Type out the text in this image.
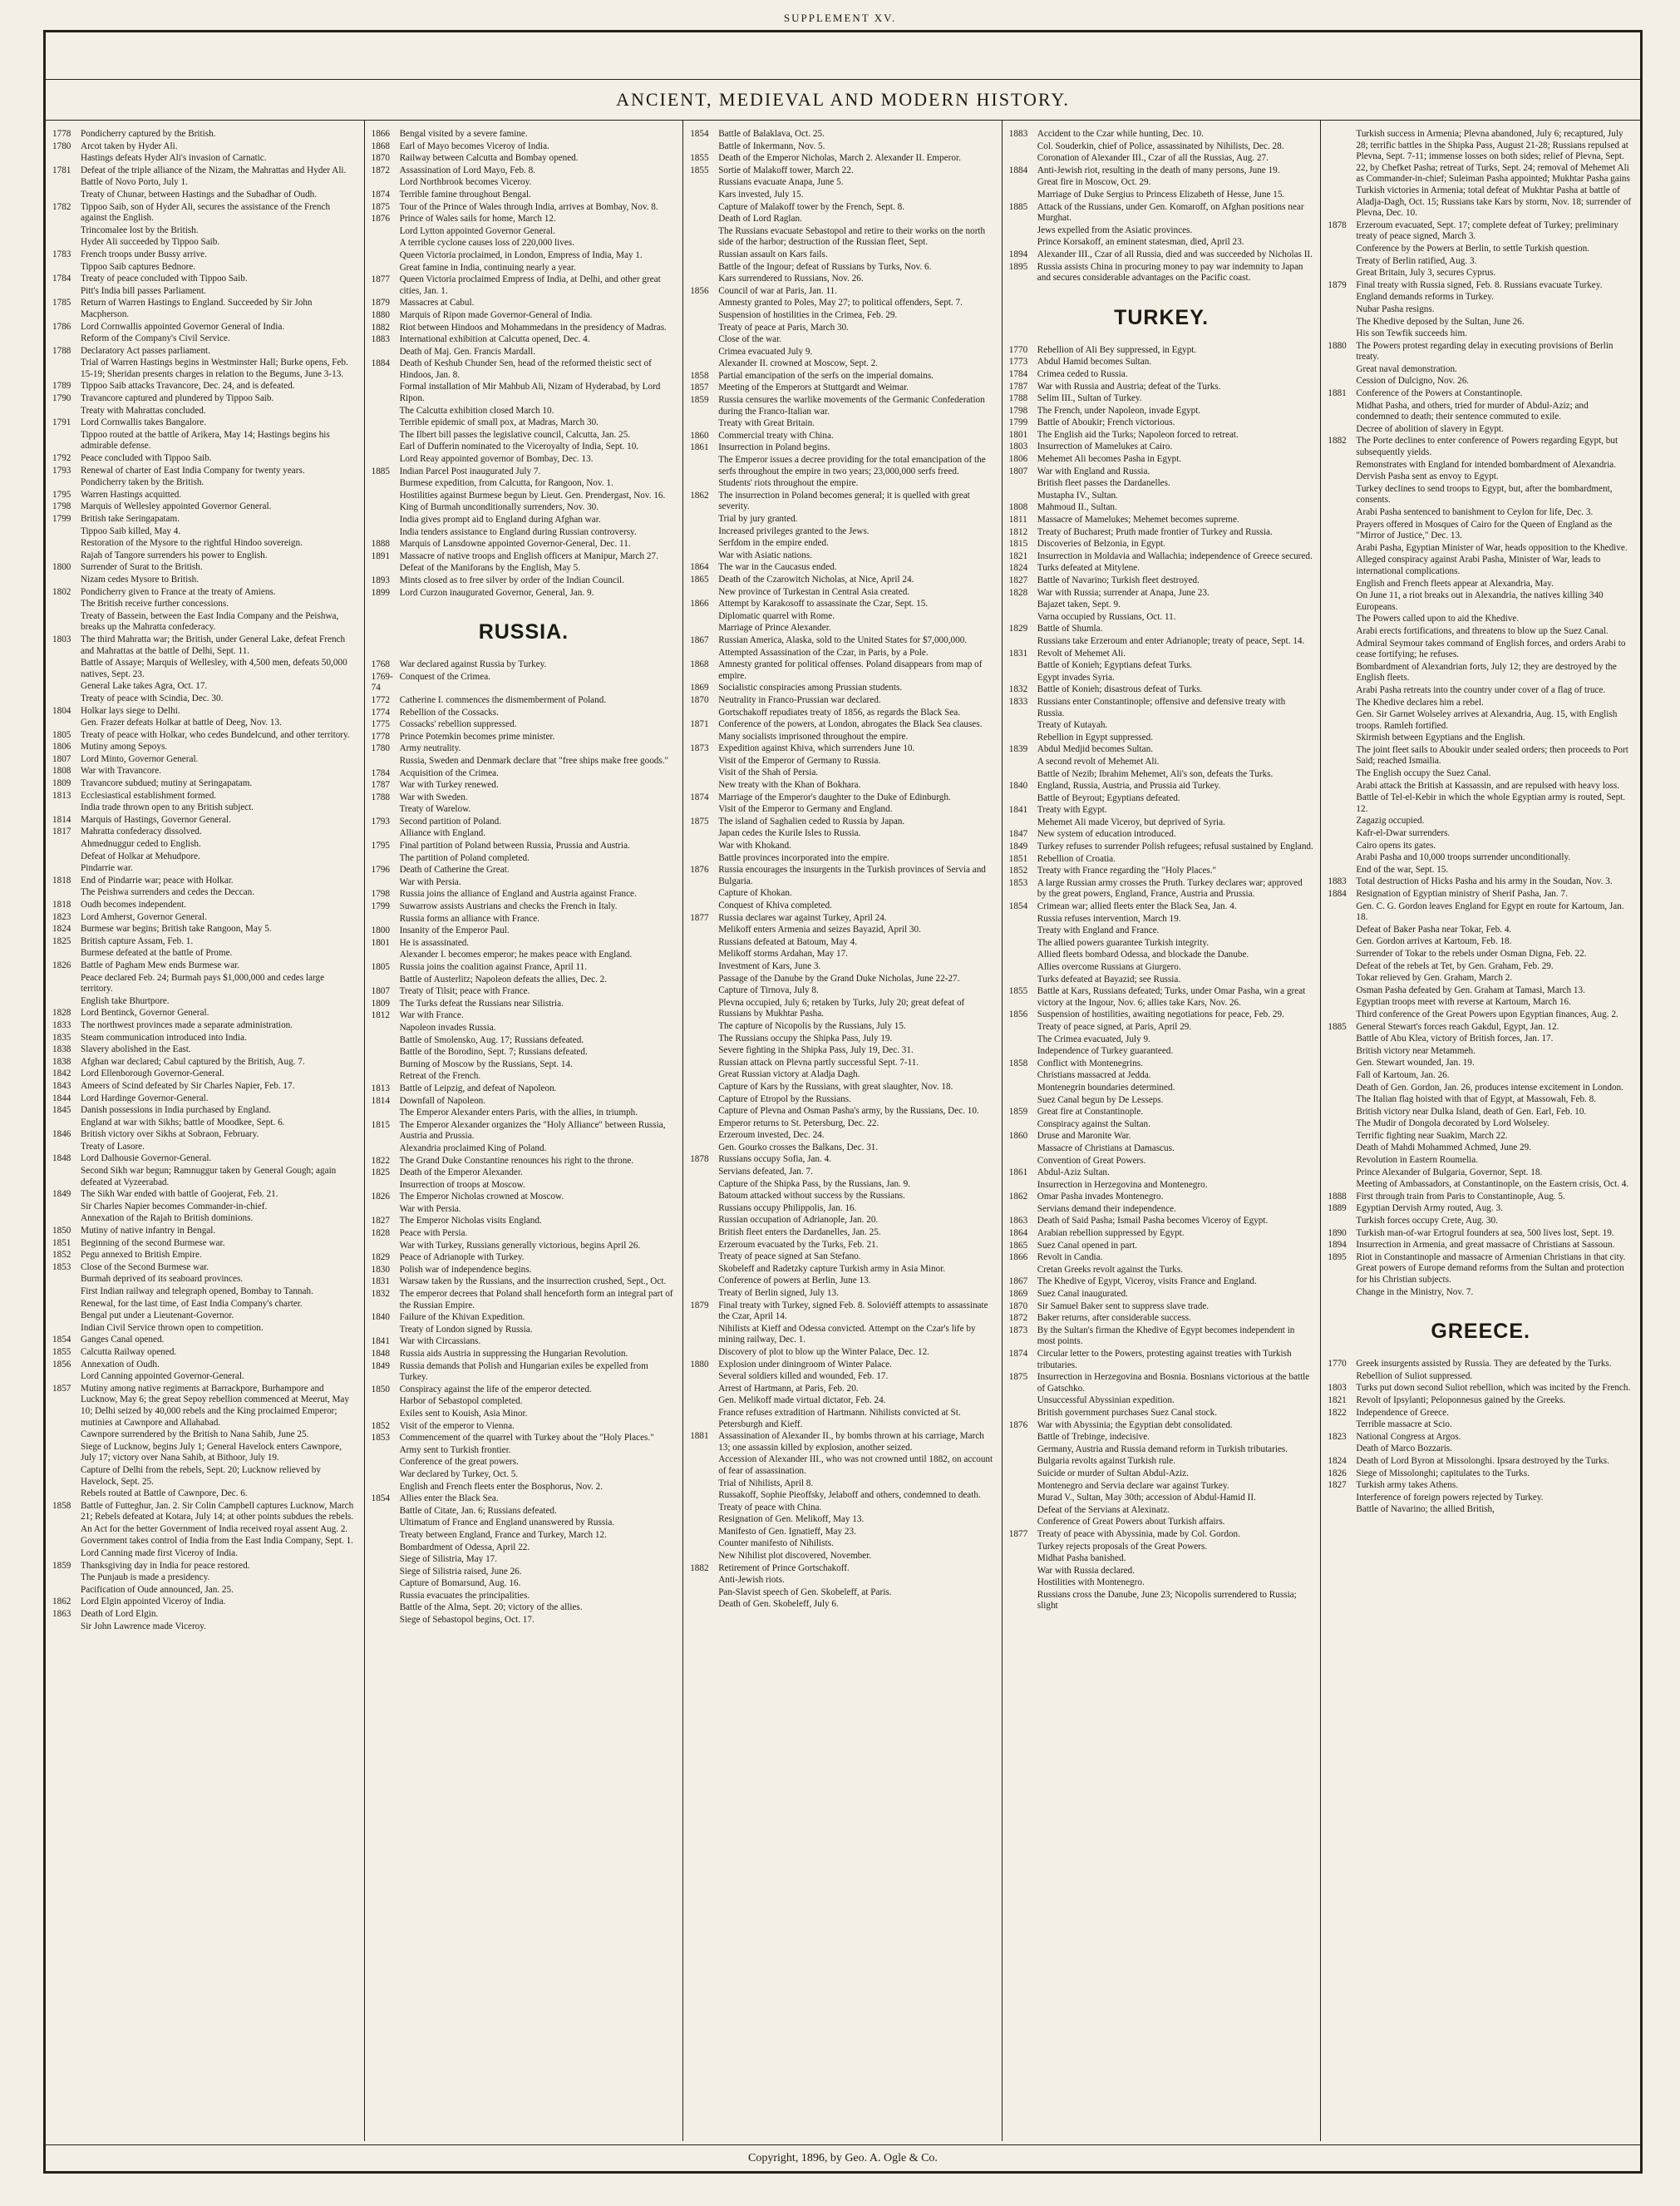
SUPPLEMENT XV.
ANCIENT, MEDIEVAL AND MODERN HISTORY.
1778	Pondicherry captured by the British.
1780	Arcot taken by Hyder Ali.
Hastings defeats Hyder Ali's invasion of Carnatic.
1781	Defeat of the triple alliance of the Nizam, the Mahrattas and Hyder Ali.
Battle of Novo Porto, July 1.
Treaty of Chunar, between Hastings and the Subadhar of Oudh.
1782	Tippoo Saib, son of Hyder Ali, secures the assistance of the French against the English.
Trincomalee lost by the British.
Hyder Ali succeeded by Tippoo Saib.
1783	French troops under Bussy arrive.
Tippoo Saib captures Bednore.
1784	Treaty of peace concluded with Tippoo Saib.
Pitt's India bill passes Parliament.
1785	Return of Warren Hastings to England. Succeeded by Sir John Macpherson.
1786	Lord Cornwallis appointed Governor General of India.
Reform of the Company's Civil Service.
1788	Declaratory Act passes parliament.
Trial of Warren Hastings begins in Westminster Hall; Burke opens, Feb. 15-19; Sheridan presents charges in relation to the Begums, June 3-13.
1789	Tippoo Saib attacks Travancore, Dec. 24, and is defeated.
1790	Travancore captured and plundered by Tippoo Saib.
Treaty with Mahrattas concluded.
1791	Lord Cornwallis takes Bangalore.
Tippoo routed at the battle of Arikera, May 14; Hastings begins his admirable defense.
1792	Peace concluded with Tippoo Saib.
1793	Renewal of charter of East India Company for twenty years.
Pondicherry taken by the British.
1795	Warren Hastings acquitted.
1798	Marquis of Wellesley appointed Governor General.
1799	British take Seringapatam.
Tippoo Saib killed, May 4.
Restoration of the Mysore to the rightful Hindoo sovereign.
Rajah of Tangore surrenders his power to English.
1800	Surrender of Surat to the British.
Nizam cedes Mysore to British.
1802	Pondicherry given to France at the treaty of Amiens.
The British receive further concessions.
Treaty of Bassein, between the East India Company and the Peishwa, breaks up the Mahratta confederacy.
1803	The third Mahratta war; the British, under General Lake, defeat French and Mahrattas at the battle of Delhi, Sept. 11.
Battle of Assaye; Marquis of Wellesley, with 4,500 men, defeats 50,000 natives, Sept. 23.
General Lake takes Agra, Oct. 17.
Treaty of peace with Scindia, Dec. 30.
1804	Holkar lays siege to Delhi.
Gen. Frazer defeats Holkar at battle of Deeg, Nov. 13.
1805	Treaty of peace with Holkar, who cedes Bundelcund, and other territory.
1806	Mutiny among Sepoys.
1807	Lord Minto, Governor General.
1808	War with Travancore.
1809	Travancore subdued; mutiny at Seringapatam.
1813	Ecclesiastical establishment formed.
India trade thrown open to any British subject.
1814	Marquis of Hastings, Governor General.
1817	Mahratta confederacy dissolved.
Ahmednuggur ceded to English.
Defeat of Holkar at Mehudpore.
Pindarrie war.
1818	End of Pindarrie war; peace with Holkar.
The Peishwa surrenders and cedes the Deccan.
1818	Oudh becomes independent.
1823	Lord Amherst, Governor General.
1824	Burmese war begins; British take Rangoon, May 5.
1825	British capture Assam, Feb. 1.
Burmese defeated at the battle of Prome.
1826	Battle of Pagham Mew ends Burmese war.
Peace declared Feb. 24; Burmah pays $1,000,000 and cedes large territory.
English take Bhurtpore.
1828	Lord Bentinck, Governor General.
1833	The northwest provinces made a separate administration.
1835	Steam communication introduced into India.
1838	Slavery abolished in the East.
1838	Afghan war declared; Cabul captured by the British, Aug. 7.
1842	Lord Ellenborough Governor-General.
1843	Ameers of Scind defeated by Sir Charles Napier, Feb. 17.
1844	Lord Hardinge Governor-General.
1845	Danish possessions in India purchased by England.
England at war with Sikhs; battle of Moodkee, Sept. 6.
1846	British victory over Sikhs at Sobraon, February.
Treaty of Lasore.
1848	Lord Dalhousie Governor-General.
Second Sikh war begun; Ramnuggur taken by General Gough; again defeated at Vyzeerabad.
1849	The Sikh War ended with battle of Goojerat, Feb. 21.
Sir Charles Napier becomes Commander-in-chief.
Annexation of the Rajah to British dominions.
1850	Mutiny of native infantry in Bengal.
1851	Beginning of the second Burmese war.
1852	Pegu annexed to British Empire.
1853	Close of the Second Burmese war.
Burmah deprived of its seaboard provinces.
First Indian railway and telegraph opened, Bombay to Tannah.
Renewal, for the last time, of East India Company's charter.
Bengal put under a Lieutenant-Governor.
Indian Civil Service thrown open to competition.
1854	Ganges Canal opened.
1855	Calcutta Railway opened.
1856	Annexation of Oudh.
Lord Canning appointed Governor-General.
1857	Mutiny among native regiments at Barrackpore, Burhampore and Lucknow, May 6; the great Sepoy rebellion commenced at Meerut, May 10; Delhi seized by 40,000 rebels and the King proclaimed Emperor; mutinies at Cawnpore and Allahabad.
Cawnpore surrendered by the British to Nana Sahib, June 25.
Siege of Lucknow, begins July 1; General Havelock enters Cawnpore, July 17; victory over Nana Sahib, at Bithoor, July 19.
Capture of Delhi from the rebels, Sept. 20; Lucknow relieved by Havelock, Sept. 25.
Rebels routed at Battle of Cawnpore, Dec. 6.
1858	Battle of Futteghur, Jan. 2. Sir Colin Campbell captures Lucknow, March 21; Rebels defeated at Kotara, July 14; at other points subdues the rebels.
An Act for the better Government of India received royal assent Aug. 2.
Government takes control of India from the East India Company, Sept. 1.
Lord Canning made first Viceroy of India.
1859	Thanksgiving day in India for peace restored.
The Punjaub is made a presidency.
Pacification of Oude announced, Jan. 25.
1862	Lord Elgin appointed Viceroy of India.
1863	Death of Lord Elgin.
Sir John Lawrence made Viceroy.
1866	Bengal visited by a severe famine.
1868	Earl of Mayo becomes Viceroy of India.
1870	Railway between Calcutta and Bombay opened.
1872	Assassination of Lord Mayo, Feb. 8.
Lord Northbrook becomes Viceroy.
1874	Terrible famine throughout Bengal.
1875	Tour of the Prince of Wales through India, arrives at Bombay, Nov. 8.
1876	Prince of Wales sails for home, March 12.
Lord Lytton appointed Governor General.
A terrible cyclone causes loss of 220,000 lives.
Queen Victoria proclaimed, in London, Empress of India, May 1.
Great famine in India, continuing nearly a year.
1877	Queen Victoria proclaimed Empress of India, at Delhi, and other great cities, Jan. 1.
1879	Massacres at Cabul.
1880	Marquis of Ripon made Governor-General of India.
1882	Riot between Hindoos and Mohammedans in the presidency of Madras.
1883	International exhibition at Calcutta opened, Dec. 4.
Death of Maj. Gen. Francis Mardall.
1884	Death of Keshub Chunder Sen, head of the reformed theistic sect of Hindoos, Jan. 8.
Formal installation of Mir Mahbub Ali, Nizam of Hyderabad, by Lord Ripon.
The Calcutta exhibition closed March 10.
Terrible epidemic of small pox, at Madras, March 30.
The Ilbert bill passes the legislative council, Calcutta, Jan. 25.
Earl of Dufferin nominated to the Viceroyalty of India, Sept. 10.
Lord Reay appointed governor of Bombay, Dec. 13.
1885	Indian Parcel Post inaugurated July 7.
Burmese expedition, from Calcutta, for Rangoon, Nov. 1.
Hostilities against Burmese begun by Lieut. Gen. Prendergast, Nov. 16.
King of Burmah unconditionally surrenders, Nov. 30.
India gives prompt aid to England during Afghan war.
India tenders assistance to England during Russian controversy.
1888	Marquis of Lansdowne appointed Governor-General, Dec. 11.
1891	Massacre of native troops and English officers at Manipur, March 27.
Defeat of the Maniforans by the English, May 5.
1893	Mints closed as to free silver by order of the Indian Council.
1899	Lord Curzon inaugurated Governor, General, Jan. 9.
RUSSIA.
1768	War declared against Russia by Turkey.
1769-74
Conquest of the Crimea.
1772	Catherine I. commences the dismemberment of Poland.
1774	Rebellion of the Cossacks.
1775	Cossacks' rebellion suppressed.
1778	Prince Potemkin becomes prime minister.
1780	Army neutrality.
Russia, Sweden and Denmark declare that "free ships make free goods."
1784	Acquisition of the Crimea.
1787	War with Turkey renewed.
1788	War with Sweden.
Treaty of Warelow.
1793	Second partition of Poland.
Alliance with England.
1795	Final partition of Poland between Russia, Prussia and Austria.
The partition of Poland completed.
1796	Death of Catherine the Great.
War with Persia.
1798	Russia joins the alliance of England and Austria against France.
1799	Suwarrow assists Austrians and checks the French in Italy.
Russia forms an alliance with France.
1800	Insanity of the Emperor Paul.
1801	He is assassinated.
Alexander I. becomes emperor; he makes peace with England.
1805	Russia joins the coalition against France, April 11.
Battle of Austerlitz; Napoleon defeats the allies, Dec. 2.
1807	Treaty of Tilsit; peace with France.
1809	The Turks defeat the Russians near Silistria.
1812	War with France.
Napoleon invades Russia.
Battle of Smolensko, Aug. 17; Russians defeated.
Battle of the Borodino, Sept. 7; Russians defeated.
Burning of Moscow by the Russians, Sept. 14.
Retreat of the French.
1813	Battle of Leipzig, and defeat of Napoleon.
1814	Downfall of Napoleon.
The Emperor Alexander enters Paris, with the allies, in triumph.
1815	The Emperor Alexander organizes the "Holy Alliance" between Russia, Austria and Prussia.
Alexandria proclaimed King of Poland.
1822	The Grand Duke Constantine renounces his right to the throne.
1825	Death of the Emperor Alexander.
Insurrection of troops at Moscow.
1826	The Emperor Nicholas crowned at Moscow.
War with Persia.
1827	The Emperor Nicholas visits England.
1828	Peace with Persia.
War with Turkey, Russians generally victorious, begins April 26.
1829	Peace of Adrianople with Turkey.
1830	Polish war of independence begins.
1831	Warsaw taken by the Russians, and the insurrection crushed, Sept., Oct.
1832	The emperor decrees that Poland shall henceforth form an integral part of the Russian Empire.
1840	Failure of the Khivan Expedition.
Treaty of London signed by Russia.
1841	War with Circassians.
1848	Russia aids Austria in suppressing the Hungarian Revolution.
1849	Russia demands that Polish and Hungarian exiles be expelled from Turkey.
1850	Conspiracy against the life of the emperor detected.
Harbor of Sebastopol completed.
Exiles sent to Kouish, Asia Minor.
1852	Visit of the emperor to Vienna.
1853	Commencement of the quarrel with Turkey about the "Holy Places."
Army sent to Turkish frontier.
Conference of the great powers.
War declared by Turkey, Oct. 5.
English and French fleets enter the Bosphorus, Nov. 2.
1854	Allies enter the Black Sea.
Battle of Citate, Jan. 6; Russians defeated.
Ultimatum of France and England unanswered by Russia.
Treaty between England, France and Turkey, March 12.
Bombardment of Odessa, April 22.
Siege of Silistria, May 17.
Siege of Silistria raised, June 26.
Capture of Bomarsund, Aug. 16.
Russia evacuates the principalities.
Battle of the Alma, Sept. 20; victory of the allies.
Siege of Sebastopol begins, Oct. 17.
1854	Battle of Balaklava, Oct. 25.
Battle of Inkermann, Nov. 5.
1855	Death of the Emperor Nicholas, March 2. Alexander II. Emperor.
1855	Sortie of Malakoff tower, March 22.
Russians evacuate Anapa, June 5.
Kars invested, July 15.
Capture of Malakoff tower by the French, Sept. 8.
Death of Lord Raglan.
The Russians evacuate Sebastopol and retire to their works on the north side of the harbor; destruction of the Russian fleet, Sept.
Russian assault on Kars fails.
Battle of the Ingour; defeat of Russians by Turks, Nov. 6.
Kars surrendered to Russians, Nov. 26.
1856	Council of war at Paris, Jan. 11.
Amnesty granted to Poles, May 27; to political offenders, Sept. 7.
Suspension of hostilities in the Crimea, Feb. 29.
Treaty of peace at Paris, March 30.
Close of the war.
Crimea evacuated July 9.
Alexander II. crowned at Moscow, Sept. 2.
1858	Partial emancipation of the serfs on the imperial domains.
1857	Meeting of the Emperors at Stuttgardt and Weimar.
1859	Russia censures the warlike movements of the Germanic Confederation during the Franco-Italian war.
Treaty with Great Britain.
1860	Commercial treaty with China.
1861	Insurrection in Poland begins.
The Emperor issues a decree providing for the total emancipation of the serfs throughout the empire in two years; 23,000,000 serfs freed.
Students' riots throughout the empire.
1862	The insurrection in Poland becomes general; it is quelled with great severity.
Trial by jury granted.
Increased privileges granted to the Jews.
Serfdom in the empire ended.
War with Asiatic nations.
1864	The war in the Caucasus ended.
1865	Death of the Czarowitch Nicholas, at Nice, April 24.
New province of Turkestan in Central Asia created.
1866	Attempt by Karakosoff to assassinate the Czar, Sept. 15.
Diplomatic quarrel with Rome.
Marriage of Prince Alexander.
1867	Russian America, Alaska, sold to the United States for $7,000,000.
Attempted Assassination of the Czar, in Paris, by a Pole.
1868	Amnesty granted for political offenses. Poland disappears from map of empire.
1869	Socialistic conspiracies among Prussian students.
1870	Neutrality in Franco-Prussian war declared.
Gortschakoff repudiates treaty of 1856, as regards the Black Sea.
1871	Conference of the powers, at London, abrogates the Black Sea clauses.
Many socialists imprisoned throughout the empire.
1873	Expedition against Khiva, which surrenders June 10.
Visit of the Emperor of Germany to Russia.
Visit of the Shah of Persia.
New treaty with the Khan of Bokhara.
1874	Marriage of the Emperor's daughter to the Duke of Edinburgh.
Visit of the Emperor to Germany and England.
1875	The island of Saghalien ceded to Russia by Japan.
Japan cedes the Kurile Isles to Russia.
War with Khokand.
Battle provinces incorporated into the empire.
1876	Russia encourages the insurgents in the Turkish provinces of Servia and Bulgaria.
Capture of Khokan.
Conquest of Khiva completed.
1877	Russia declares war against Turkey, April 24.
Melikoff enters Armenia and seizes Bayazid, April 30.
Russians defeated at Batoum, May 4.
Melikoff storms Ardahan, May 17.
Investment of Kars, June 3.
Passage of the Danube by the Grand Duke Nicholas, June 22-27.
Capture of Tirnova, July 8.
Plevna occupied, July 6; retaken by Turks, July 20; great defeat of Russians by Mukhtar Pasha.
The capture of Nicopolis by the Russians, July 15.
The Russians occupy the Shipka Pass, July 19.
Severe fighting in the Shipka Pass, July 19, Dec. 31.
Russian attack on Plevna partly successful Sept. 7-11.
Great Russian victory at Aladja Dagh.
Capture of Kars by the Russians, with great slaughter, Nov. 18.
Capture of Etropol by the Russians.
Capture of Plevna and Osman Pasha's army, by the Russians, Dec. 10.
Emperor returns to St. Petersburg, Dec. 22.
Erzeroum invested, Dec. 24.
Gen. Gourko crosses the Balkans, Dec. 31.
1878	Russians occupy Sofia, Jan. 4.
Servians defeated, Jan. 7.
Capture of the Shipka Pass, by the Russians, Jan. 9.
Batoum attacked without success by the Russians.
Russians occupy Philippolis, Jan. 16.
Russian occupation of Adrianople, Jan. 20.
British fleet enters the Dardanelles, Jan. 25.
Erzeroum evacuated by the Turks, Feb. 21.
Treaty of peace signed at San Stefano.
Skobeleff and Radetzky capture Turkish army in Asia Minor.
Conference of powers at Berlin, June 13.
Treaty of Berlin signed, July 13.
1879	Final treaty with Turkey, signed Feb. 8. Soloviéff attempts to assassinate the Czar, April 14.
Nihilists at Kieff and Odessa convicted. Attempt on the Czar's life by mining railway, Dec. 1.
Discovery of plot to blow up the Winter Palace, Dec. 12.
1880	Explosion under diningroom of Winter Palace.
Several soldiers killed and wounded, Feb. 17.
Arrest of Hartmann, at Paris, Feb. 20.
Gen. Melikoff made virtual dictator, Feb. 24.
France refuses extradition of Hartmann. Nihilists convicted at St. Petersburgh and Kieff.
1881	Assassination of Alexander II., by bombs thrown at his carriage, March 13; one assassin killed by explosion, another seized.
Accession of Alexander III., who was not crowned until 1882, on account of fear of assassination.
Trial of Nihilists, April 8.
Russakoff, Sophie Pieoffsky, Jelaboff and others, condemned to death.
Treaty of peace with China.
Resignation of Gen. Melikoff, May 13.
Manifesto of Gen. Ignatieff, May 23.
Counter manifesto of Nihilists.
New Nihilist plot discovered, November.
1882	Retirement of Prince Gortschakoff.
Anti-Jewish riots.
Pan-Slavist speech of Gen. Skobeleff, at Paris.
Death of Gen. Skobeleff, July 6.
1883	Accident to the Czar while hunting, Dec. 10.
Col. Souderkin, chief of Police, assassinated by Nihilists, Dec. 28.
Coronation of Alexander III., Czar of all the Russias, Aug. 27.
1884	Anti-Jewish riot, resulting in the death of many persons, June 19.
Great fire in Moscow, Oct. 29.
Marriage of Duke Sergius to Princess Elizabeth of Hesse, June 15.
1885	Attack of the Russians, under Gen. Komaroff, on Afghan positions near Murghat.
Jews expelled from the Asiatic provinces.
Prince Korsakoff, an eminent statesman, died, April 23.
1894	Alexander III., Czar of all Russia, died and was succeeded by Nicholas II.
1895	Russia assists China in procuring money to pay war indemnity to Japan and secures considerable advantages on the Pacific coast.
TURKEY.
1770	Rebellion of Ali Bey suppressed, in Egypt.
1773	Abdul Hamid becomes Sultan.
1784	Crimea ceded to Russia.
1787	War with Russia and Austria; defeat of the Turks.
1788	Selim III., Sultan of Turkey.
1798	The French, under Napoleon, invade Egypt.
1799	Battle of Aboukir; French victorious.
1801	The English aid the Turks; Napoleon forced to retreat.
1803	Insurrection of Mamelukes at Cairo.
1806	Mehemet Ali becomes Pasha in Egypt.
1807	War with England and Russia.
British fleet passes the Dardanelles.
Mustapha IV., Sultan.
1808	Mahmoud II., Sultan.
1811	Massacre of Mamelukes; Mehemet becomes supreme.
1812	Treaty of Bucharest; Pruth made frontier of Turkey and Russia.
1815	Discoveries of Belzonia, in Egypt.
1821	Insurrection in Moldavia and Wallachia; independence of Greece secured.
1824	Turks defeated at Mitylene.
1827	Battle of Navarino; Turkish fleet destroyed.
1828	War with Russia; surrender at Anapa, June 23.
Bajazet taken, Sept. 9.
Varna occupied by Russians, Oct. 11.
1829	Battle of Shumla.
Russians take Erzeroum and enter Adrianople; treaty of peace, Sept. 14.
1831	Revolt of Mehemet Ali.
Battle of Konieh; Egyptians defeat Turks.
Egypt invades Syria.
1832	Battle of Konieh; disastrous defeat of Turks.
1833	Russians enter Constantinople; offensive and defensive treaty with Russia.
Treaty of Kutayah.
Rebellion in Egypt suppressed.
1839	Abdul Medjid becomes Sultan.
A second revolt of Mehemet Ali.
Battle of Nezib; Ibrahim Mehemet, Ali's son, defeats the Turks.
1840	England, Russia, Austria, and Prussia aid Turkey.
Battle of Beyrout; Egyptians defeated.
1841	Treaty with Egypt.
Mehemet Ali made Viceroy, but deprived of Syria.
1847	New system of education introduced.
1849	Turkey refuses to surrender Polish refugees; refusal sustained by England.
1851	Rebellion of Croatia.
1852	Treaty with France regarding the "Holy Places."
1853	A large Russian army crosses the Pruth. Turkey declares war; approved by the great powers, England, France, Austria and Prussia.
1854	Crimean war; allied fleets enter the Black Sea, Jan. 4.
Russia refuses intervention, March 19.
Treaty with England and France.
The allied powers guarantee Turkish integrity.
Allied fleets bombard Odessa, and blockade the Danube.
Allies overcome Russians at Giurgero.
Turks defeated at Bayazid; see Russia.
1855	Battle at Kars, Russians defeated; Turks, under Omar Pasha, win a great victory at the Ingour, Nov. 6; allies take Kars, Nov. 26.
1856	Suspension of hostilities, awaiting negotiations for peace, Feb. 29.
Treaty of peace signed, at Paris, April 29.
The Crimea evacuated, July 9.
Independence of Turkey guaranteed.
1858	Conflict with Montenegrins.
Christians massacred at Jedda.
Montenegrin boundaries determined.
Suez Canal begun by De Lesseps.
1859	Great fire at Constantinople.
Conspiracy against the Sultan.
1860	Druse and Maronite War.
Massacre of Christians at Damascus.
Convention of Great Powers.
1861	Abdul-Aziz Sultan.
Insurrection in Herzegovina and Montenegro.
1862	Omar Pasha invades Montenegro.
Servians demand their independence.
1863	Death of Said Pasha; Ismail Pasha becomes Viceroy of Egypt.
1864	Arabian rebellion suppressed by Egypt.
1865	Suez Canal opened in part.
1866	Revolt in Candia.
Cretan Greeks revolt against the Turks.
1867	The Khedive of Egypt, Viceroy, visits France and England.
1869	Suez Canal inaugurated.
1870	Sir Samuel Baker sent to suppress slave trade.
1872	Baker returns, after considerable success.
1873	By the Sultan's firman the Khedive of Egypt becomes independent in most points.
1874	Circular letter to the Powers, protesting against treaties with Turkish tributaries.
1875	Insurrection in Herzegovina and Bosnia. Bosnians victorious at the battle of Gatschko.
Unsuccessful Abyssinian expedition.
British government purchases Suez Canal stock.
1876	War with Abyssinia; the Egyptian debt consolidated.
Battle of Trebinge, indecisive.
Germany, Austria and Russia demand reform in Turkish tributaries.
Bulgaria revolts against Turkish rule.
Suicide or murder of Sultan Abdul-Aziz.
Montenegro and Servia declare war against Turkey.
Murad V., Sultan, May 30th; accession of Abdul-Hamid II.
Defeat of the Servians at Alexinatz.
Conference of Great Powers about Turkish affairs.
1877	Treaty of peace with Abyssinia, made by Col. Gordon.
Turkey rejects proposals of the Great Powers.
Midhat Pasha banished.
War with Russia declared.
Hostilities with Montenegro.
Russians cross the Danube, June 23; Nicopolis surrendered to Russia; slight
Turkish success in Armenia; Plevna abandoned, July 6; recaptured, July 28; terrific battles in the Shipka Pass, August 21-28; Russians repulsed at Plevna, Sept. 7-11; immense losses on both sides; relief of Plevna, Sept. 22, by Chefket Pasha; retreat of Turks, Sept. 24; removal of Mehemet Ali as Commander-in-chief; Suleiman Pasha appointed; Mukhtar Pasha gains Turkish victories in Armenia; total defeat of Mukhtar Pasha at battle of Aladja-Dagh, Oct. 15; Russians take Kars by storm, Nov. 18; surrender of Plevna, Dec. 10.
1878	Erzeroum evacuated, Sept. 17; complete defeat of Turkey; preliminary treaty of peace signed, March 3.
Conference by the Powers at Berlin, to settle Turkish question.
Treaty of Berlin ratified, Aug. 3.
Great Britain, July 3, secures Cyprus.
1879	Final treaty with Russia signed, Feb. 8. Russians evacuate Turkey.
England demands reforms in Turkey.
Nubar Pasha resigns.
The Khedive deposed by the Sultan, June 26.
His son Tewfik succeeds him.
1880	The Powers protest regarding delay in executing provisions of Berlin treaty.
Great naval demonstration.
Cession of Dulcigno, Nov. 26.
1881	Conference of the Powers at Constantinople.
Midhat Pasha, and others, tried for murder of Abdul-Aziz; and condemned to death; their sentence commuted to exile.
Decree of abolition of slavery in Egypt.
1882	The Porte declines to enter conference of Powers regarding Egypt, but subsequently yields.
Remonstrates with England for intended bombardment of Alexandria.
Dervish Pasha sent as envoy to Egypt.
Turkey declines to send troops to Egypt, but, after the bombardment, consents.
Arabi Pasha sentenced to banishment to Ceylon for life, Dec. 3.
Prayers offered in Mosques of Cairo for the Queen of England as the "Mirror of Justice," Dec. 13.
Arabi Pasha, Egyptian Minister of War, heads opposition to the Khedive.
Alleged conspiracy against Arabi Pasha, Minister of War, leads to international complications.
English and French fleets appear at Alexandria, May.
On June 11, a riot breaks out in Alexandria, the natives killing 340 Europeans.
The Powers called upon to aid the Khedive.
Arabi erects fortifications, and threatens to blow up the Suez Canal.
Admiral Seymour takes command of English forces, and orders Arabi to cease fortifying; he refuses.
Bombardment of Alexandrian forts, July 12; they are destroyed by the English fleets.
Arabi Pasha retreats into the country under cover of a flag of truce.
The Khedive declares him a rebel.
Gen. Sir Garnet Wolseley arrives at Alexandria, Aug. 15, with English troops. Ramleh fortified.
Skirmish between Egyptians and the English.
The joint fleet sails to Aboukir under sealed orders; then proceeds to Port Said; reached Ismailia.
The English occupy the Suez Canal.
Arabi attack the British at Kassassin, and are repulsed with heavy loss.
Battle of Tel-el-Kebir in which the whole Egyptian army is routed, Sept. 12.
Zagazig occupied.
Kafr-el-Dwar surrenders.
Cairo opens its gates.
Arabi Pasha and 10,000 troops surrender unconditionally.
End of the war, Sept. 15.
1883	Total destruction of Hicks Pasha and his army in the Soudan, Nov. 3.
1884	Resignation of Egyptian ministry of Sherif Pasha, Jan. 7.
Gen. C. G. Gordon leaves England for Egypt en route for Kartoum, Jan. 18.
Defeat of Baker Pasha near Tokar, Feb. 4.
Gen. Gordon arrives at Kartoum, Feb. 18.
Surrender of Tokar to the rebels under Osman Digna, Feb. 22.
Defeat of the rebels at Tet, by Gen. Graham, Feb. 29.
Tokar relieved by Gen. Graham, March 2.
Osman Pasha defeated by Gen. Graham at Tamasi, March 13.
Egyptian troops meet with reverse at Kartoum, March 16.
Third conference of the Great Powers upon Egyptian finances, Aug. 2.
1885	General Stewart's forces reach Gakdul, Egypt, Jan. 12.
Battle of Abu Klea, victory of British forces, Jan. 17.
British victory near Metammeh.
Gen. Stewart wounded, Jan. 19.
Fall of Kartoum, Jan. 26.
Death of Gen. Gordon, Jan. 26, produces intense excitement in London.
The Italian flag hoisted with that of Egypt, at Massowah, Feb. 8.
British victory near Dulka Island, death of Gen. Earl, Feb. 10.
The Mudir of Dongola decorated by Lord Wolseley.
Terrific fighting near Suakim, March 22.
Death of Mahdi Mohammed Achmed, June 29.
Revolution in Eastern Roumelia.
Prince Alexander of Bulgaria, Governor, Sept. 18.
Meeting of Ambassadors, at Constantinople, on the Eastern crisis, Oct. 4.
1888	First through train from Paris to Constantinople, Aug. 5.
1889	Egyptian Dervish Army routed, Aug. 3.
Turkish forces occupy Crete, Aug. 30.
1890	Turkish man-of-war Ertogrul founders at sea, 500 lives lost, Sept. 19.
1894	Insurrection in Armenia, and great massacre of Christians at Sassoun.
1895	Riot in Constantinople and massacre of Armenian Christians in that city. Great powers of Europe demand reforms from the Sultan and protection for his Christian subjects.
Change in the Ministry, Nov. 7.
GREECE.
1770	Greek insurgents assisted by Russia. They are defeated by the Turks.
Rebellion of Suliot suppressed.
1803	Turks put down second Suliot rebellion, which was incited by the French.
1821	Revolt of Ipsylanti; Peloponnesus gained by the Greeks.
1822	Independence of Greece.
Terrible massacre at Scio.
1823	National Congress at Argos.
Death of Marco Bozzaris.
1824	Death of Lord Byron at Missolonghi. Ipsara destroyed by the Turks.
1826	Siege of Missolonghi; capitulates to the Turks.
1827	Turkish army takes Athens.
Interference of foreign powers rejected by Turkey.
Battle of Navarino; the allied British,
Copyright, 1896, by Geo. A. Ogle & Co.
